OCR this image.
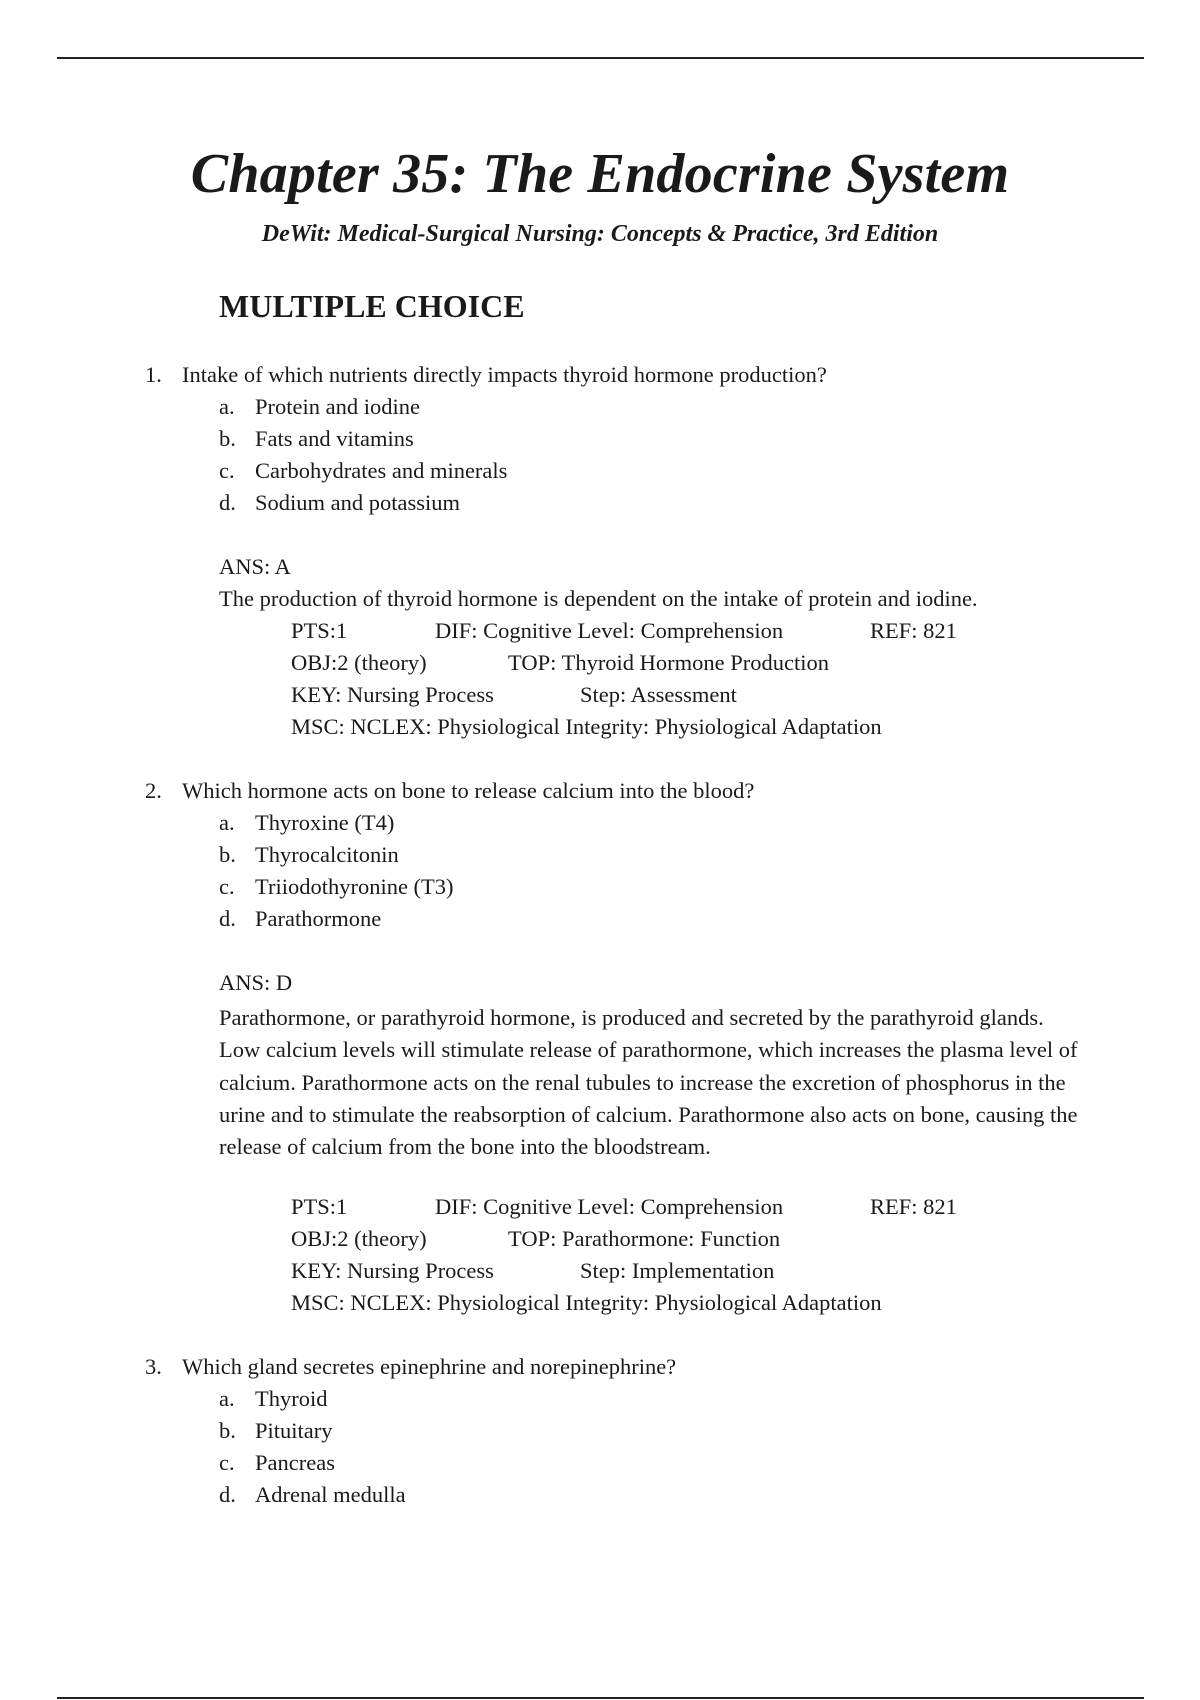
Chapter 35: The Endocrine System
DeWit: Medical-Surgical Nursing: Concepts & Practice, 3rd Edition
MULTIPLE CHOICE
1. Intake of which nutrients directly impacts thyroid hormone production?
a. Protein and iodine
b. Fats and vitamins
c. Carbohydrates and minerals
d. Sodium and potassium
ANS: A
The production of thyroid hormone is dependent on the intake of protein and iodine.
PTS:1	DIF: Cognitive Level: Comprehension	REF: 821
OBJ:2 (theory)	TOP: Thyroid Hormone Production
KEY: Nursing Process	Step: Assessment
MSC: NCLEX: Physiological Integrity: Physiological Adaptation
2. Which hormone acts on bone to release calcium into the blood?
a. Thyroxine (T4)
b. Thyrocalcitonin
c. Triiodothyronine (T3)
d. Parathormone
ANS: D
Parathormone, or parathyroid hormone, is produced and secreted by the parathyroid glands. Low calcium levels will stimulate release of parathormone, which increases the plasma level of calcium. Parathormone acts on the renal tubules to increase the excretion of phosphorus in the urine and to stimulate the reabsorption of calcium. Parathormone also acts on bone, causing the release of calcium from the bone into the bloodstream.
PTS:1	DIF: Cognitive Level: Comprehension	REF: 821
OBJ:2 (theory)	TOP: Parathormone: Function
KEY: Nursing Process	Step: Implementation
MSC: NCLEX: Physiological Integrity: Physiological Adaptation
3. Which gland secretes epinephrine and norepinephrine?
a. Thyroid
b. Pituitary
c. Pancreas
d. Adrenal medulla
